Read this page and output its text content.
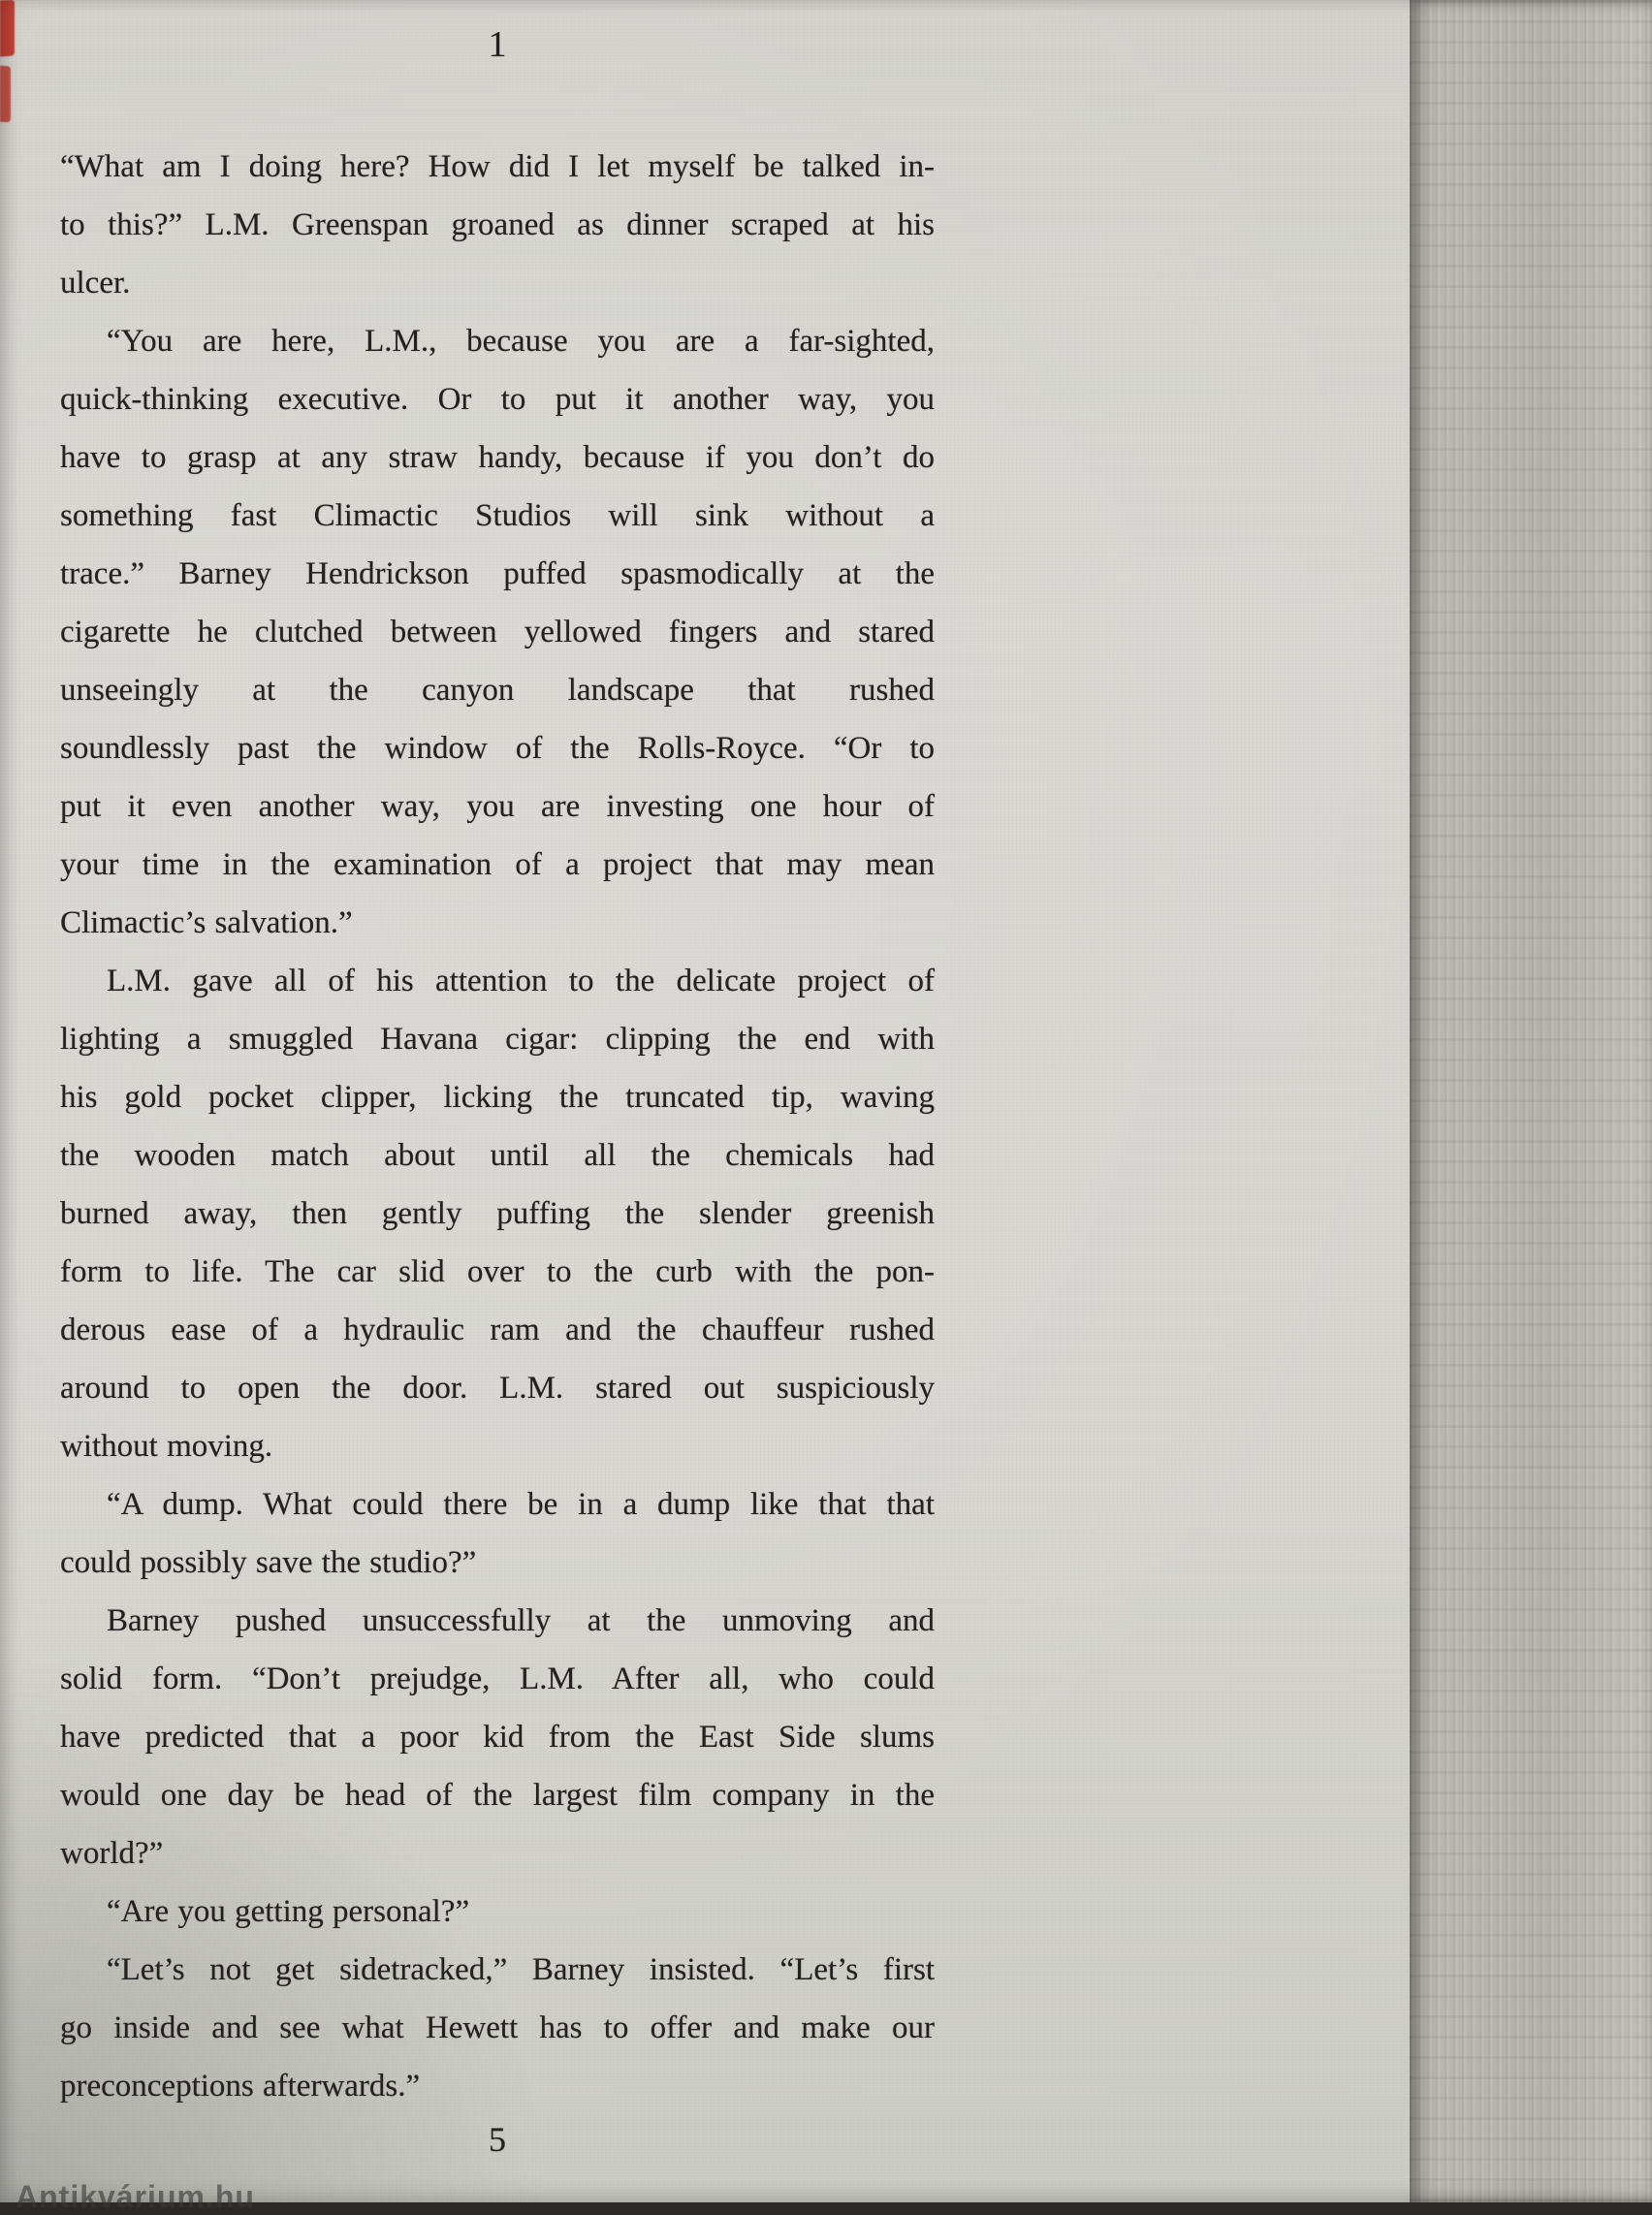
1
“What am I doing here? How did I let myself be talked in-
to this?” L.M. Greenspan groaned as dinner scraped at his
ulcer.
“You are here, L.M., because you are a far-sighted,
quick-thinking executive. Or to put it another way, you
have to grasp at any straw handy, because if you don’t do
something fast Climactic Studios will sink without a
trace.” Barney Hendrickson puffed spasmodically at the
cigarette he clutched between yellowed fingers and stared
unseeingly at the canyon landscape that rushed
soundlessly past the window of the Rolls-Royce. “Or to
put it even another way, you are investing one hour of
your time in the examination of a project that may mean
Climactic’s salvation.”
L.M. gave all of his attention to the delicate project of
lighting a smuggled Havana cigar: clipping the end with
his gold pocket clipper, licking the truncated tip, waving
the wooden match about until all the chemicals had
burned away, then gently puffing the slender greenish
form to life. The car slid over to the curb with the pon-
derous ease of a hydraulic ram and the chauffeur rushed
around to open the door. L.M. stared out suspiciously
without moving.
“A dump. What could there be in a dump like that that
could possibly save the studio?”
Barney pushed unsuccessfully at the unmoving and
solid form. “Don’t prejudge, L.M. After all, who could
have predicted that a poor kid from the East Side slums
would one day be head of the largest film company in the
world?”
“Are you getting personal?”
“Let’s not get sidetracked,” Barney insisted. “Let’s first
go inside and see what Hewett has to offer and make our
preconceptions afterwards.”
5
Antikvárium.hu
